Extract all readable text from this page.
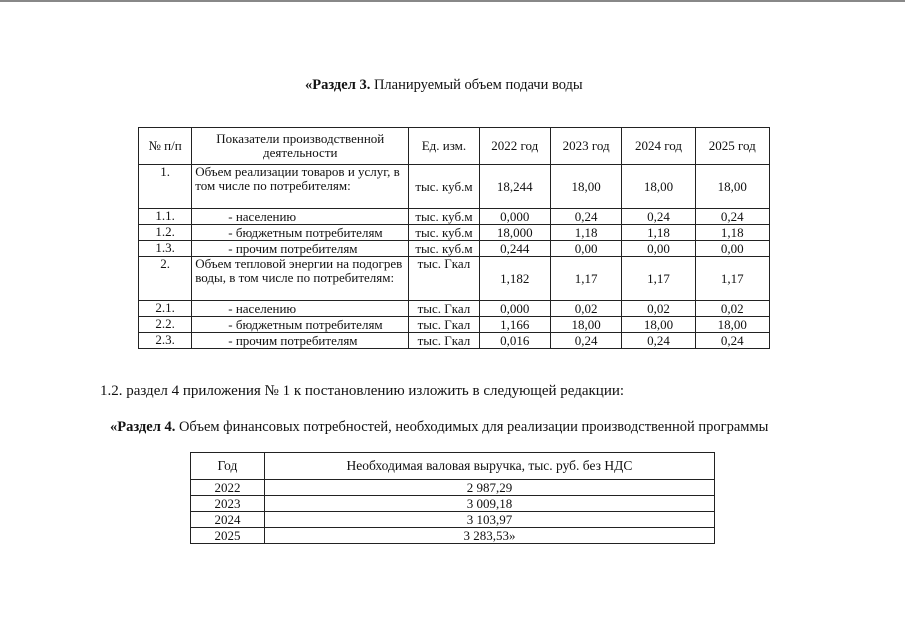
«Раздел 3. Планируемый объем подачи воды
№ п/п	Показатели производственной деятельности	Ед. изм.	2022 год	2023 год	2024 год	2025 год
1.	Объем реализации товаров и услуг, в том числе по потребителям:	тыс. куб.м	18,244	18,00	18,00	18,00
1.1.	- населению	тыс. куб.м	0,000	0,24	0,24	0,24
1.2.	- бюджетным потребителям	тыс. куб.м	18,000	1,18	1,18	1,18
1.3.	- прочим потребителям	тыс. куб.м	0,244	0,00	0,00	0,00
2.	Объем тепловой энергии на подогрев воды, в том числе по потребителям:	тыс. Гкал	1,182	1,17	1,17	1,17
2.1.	- населению	тыс. Гкал	0,000	0,02	0,02	0,02
2.2.	- бюджетным потребителям	тыс. Гкал	1,166	18,00	18,00	18,00
2.3.	- прочим потребителям	тыс. Гкал	0,016	0,24	0,24	0,24
1.2. раздел 4 приложения № 1 к постановлению изложить в следующей редакции:
«Раздел 4. Объем финансовых потребностей, необходимых для реализации производственной программы
Год	Необходимая валовая выручка, тыс. руб. без НДС
2022	2 987,29
2023	3 009,18
2024	3 103,97
2025	3 283,53»
